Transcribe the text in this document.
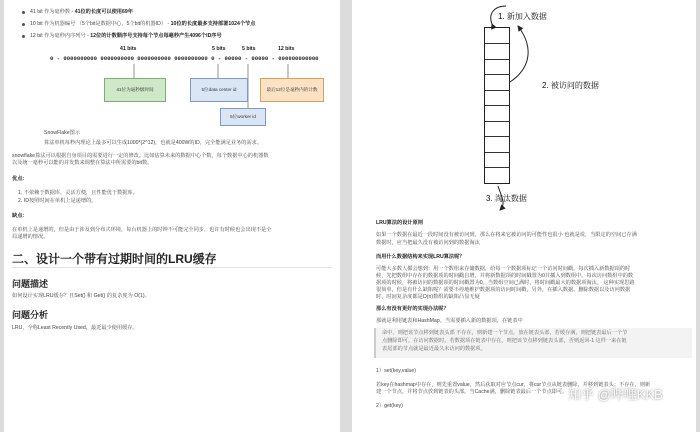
41 bit 作为毫秒数 - 41位的长度可以使用69年
10 bit 作为机器编号 （5个bit是数据中心，5个bit的机器ID） - 10位的长度最多支持部署1024个节点
12 bit 作为毫秒内序列号 - 12位的计数顺序号支持每个节点每毫秒产生4096个ID序号
41 bits	5 bits	5 bits	12 bits
0 - 0000000000 0000000000 0000000000 0000000000 0 - 00000 - 00000 - 000000000000
41位为毫秒级时间	5位data center id	最后12位是毫秒内的计数
5位worker id
SnowFlake图示
算法单机每秒内理论上最多可以生成1000*(2^12)，也就是400W的ID，完全能满足业务的需求。
snowflake算法可以根据自身项目的需要进行一定的修改。比如估算未来的数据中心个数，每个数据中心的机器数
以及统一毫秒可以能的并发数来调整在算法中所需要的bit数。
优点:
1. 不依赖于数据库，灵活方便，且性能优于数据库。
2. ID按照时间在单机上是递增的。
缺点:
在单机上是递增的，但是由于涉及到分布式环境，每台机器上的时钟不可能完全同步，也许有时候也会出现不是全
局递增的情况。
二、设计一个带有过期时间的LRU缓存
问题描述
如何设计实现LRU缓存？且Set() 和 Get() 的复杂度为 O(1)。
问题分析
LRU，全称Least Recently Used，最近最少使用缓存。
1. 新加入数据
2. 被访问的数据
3. 淘汰数据
LRU算法的设计原则
如果一个数据在最近一段时间没有被访问到，那么在将来它被访问的可能性也很小 也就是说，当限定的空间已存满
数据时，应当把最久没有被访问到的数据淘汰
而用什么数据结构来实现LRU算法呢？
可能大多数人都会想到：用一个数组来存储数据，给每一个数据项标记一个访问时间戳，每次插入新数据项的时
候，先把数组中存在的数据项的时间戳自增，并将新数据项的时间戳置为0并插入到数组中。每次访问数组中的数
据项的时候，将被访问的数据项的时间戳置为0。当数组空间已满时，将时间戳最大的数据项淘汰。 这种实现思路
很简单，但是有什么缺陷呢？需要不停地维护数据项的访问时间戳，另外，在插入数据、删除数据以及访问数据
时，时间复杂度都是O(n)数组的缺陷凸显无疑
那么有没有更好的实现办法呢？
那就是利用链表和HashMap。当需要插入新的数据项，在链表中
命中，则把该节点移到链表头部 不存在，则新建一个节点，放在链表头部，若缓存满，则把链表最后一个节
点删除即可。在访问数据时，若数据项在链表中存在，则把该节点移到链表头部，否则返回-1 这样一来在链
表尾部的节点就是最近最久未访问的数据项。
1）set(key,value)
若key在hashmap中存在，则先重置value，然后获取对应节点cur，将cur节点从链表删除，并移到链表头；不存在，则新
建一个节点，并将节点放到链表的头部。当Cache满，删除链表最后一个节点即可。
2）get(key)
知乎 @哔哩KKB
